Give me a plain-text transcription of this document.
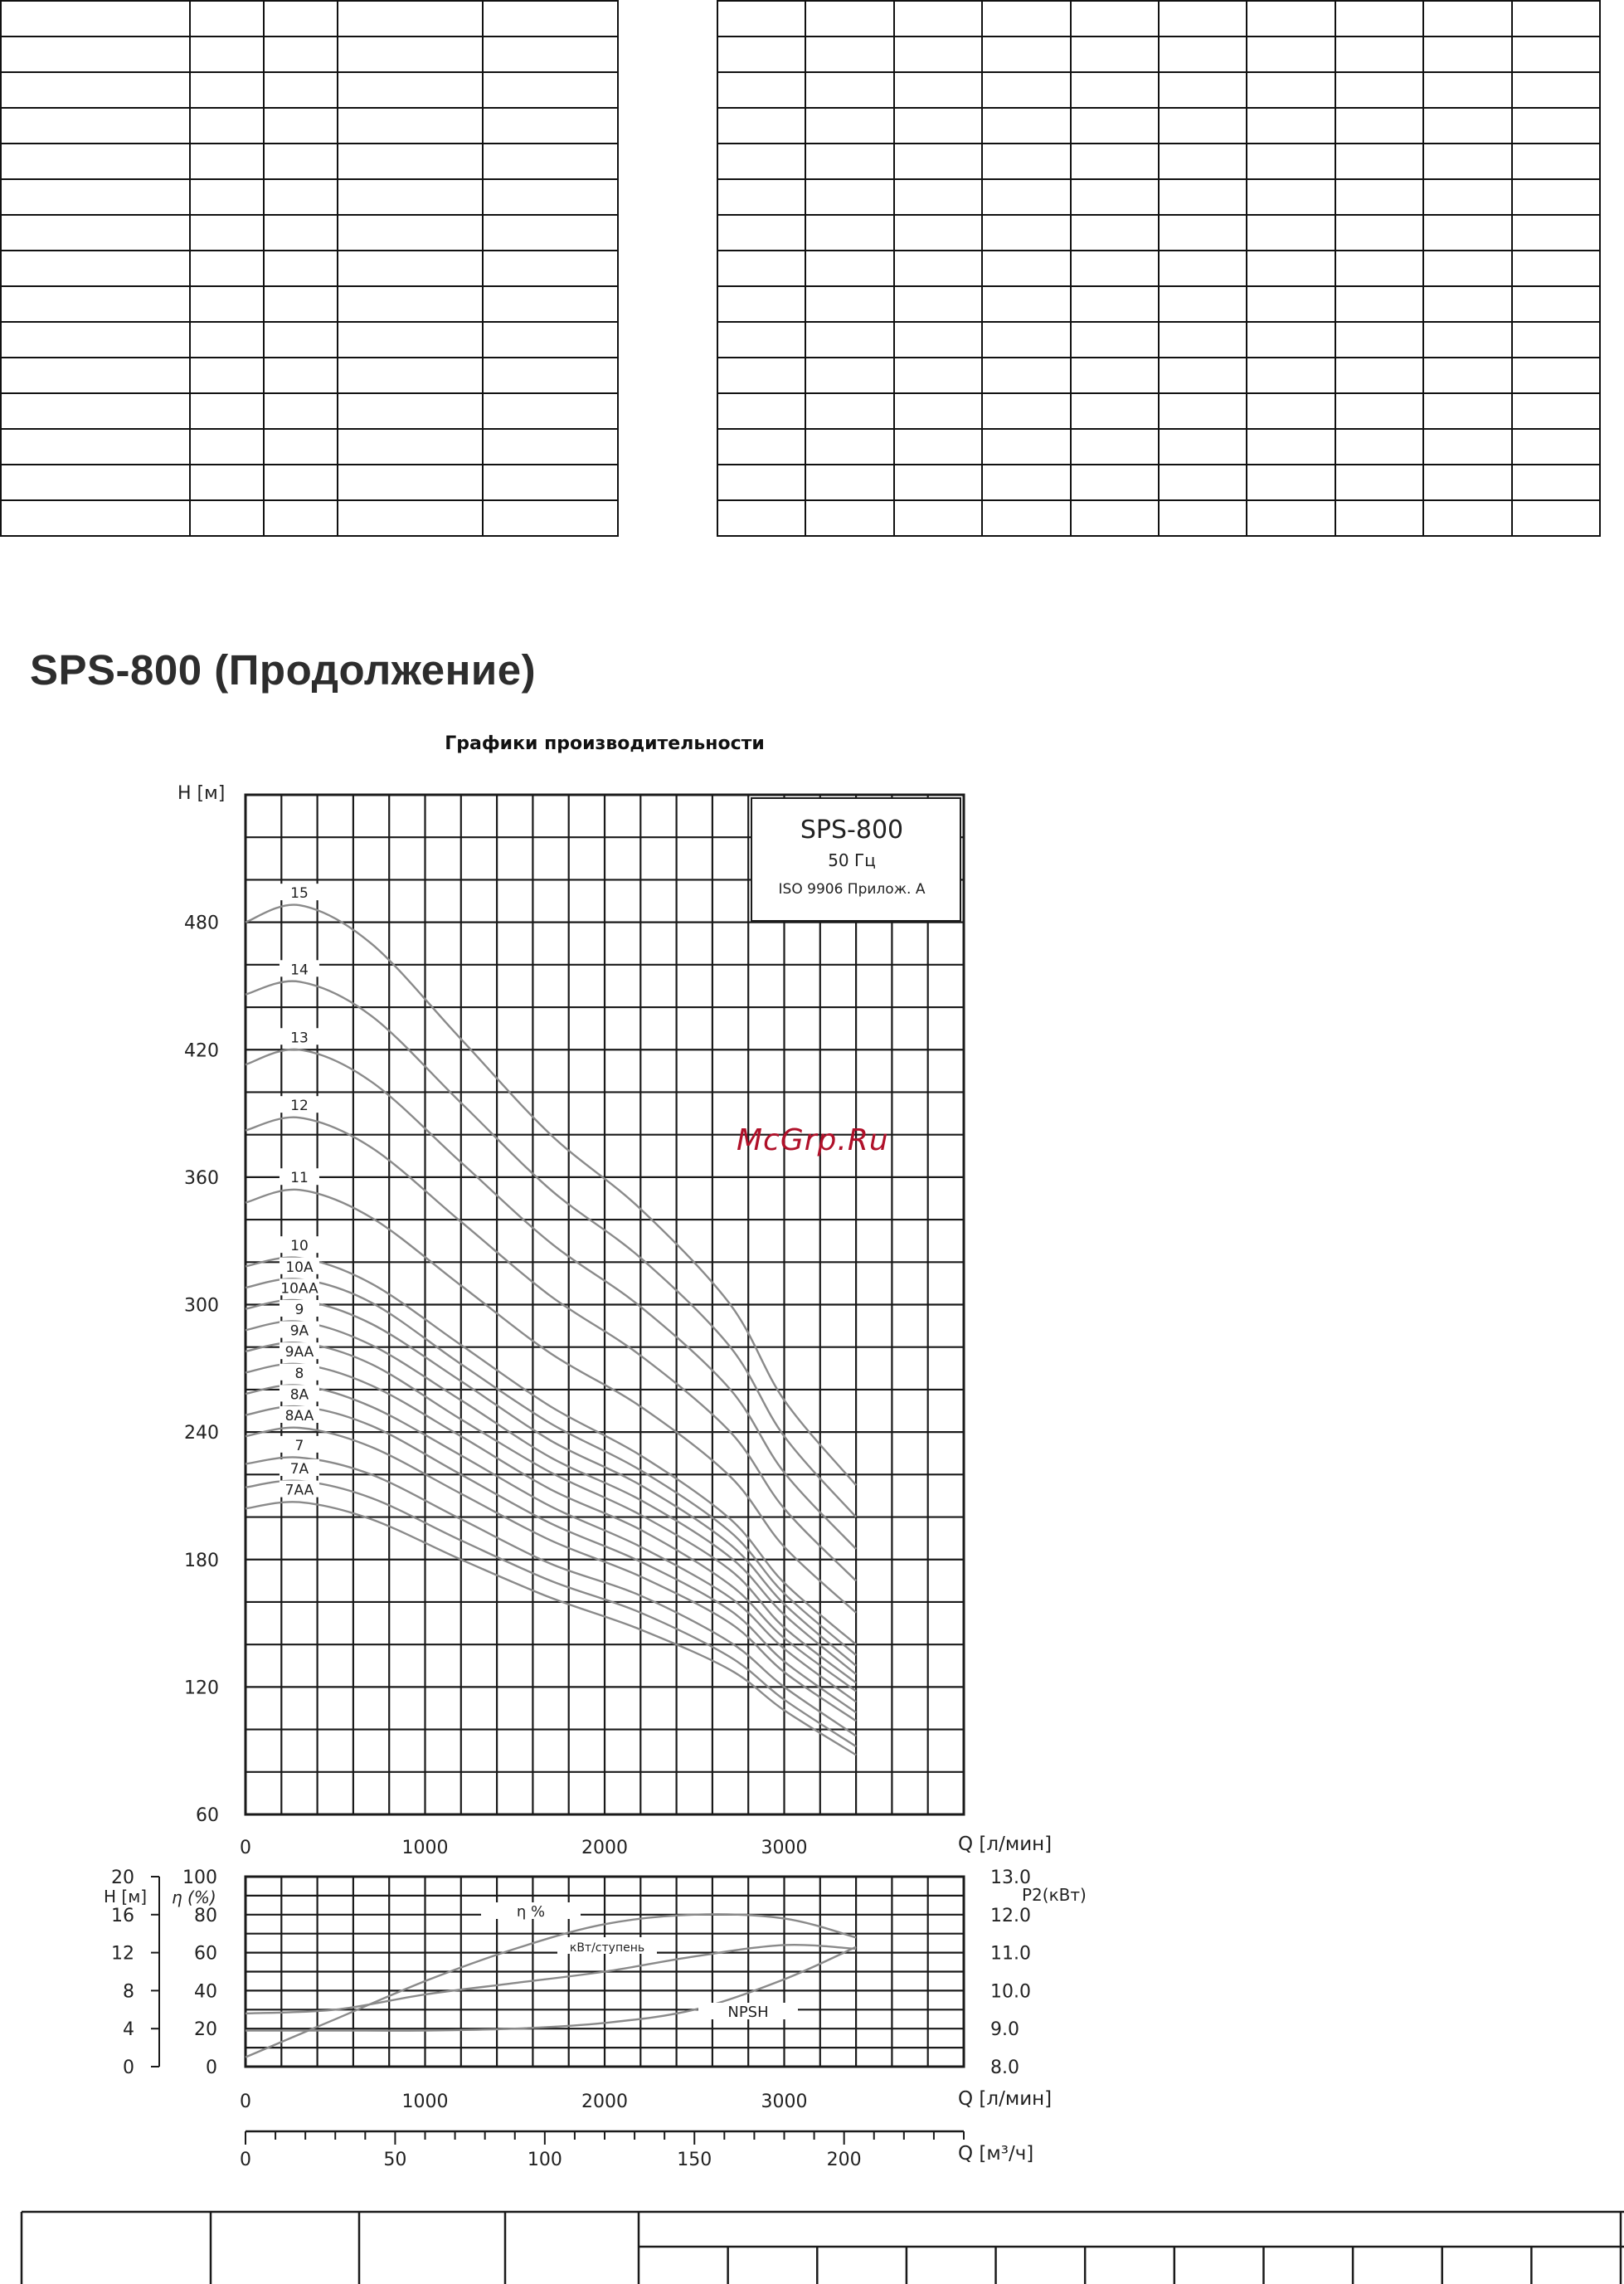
SPS-800 (Продолжение)
Графики производительности
SPS-800
50 Гц
ISO 9906 Прилож. А
60
120
180
240
300
360
420
480
0	1000	2000	3000
H [м]
Q [л/мин]
15
14
13
12
11
10
10A
10AA
9
9A
9AA
8
8A
8AA
7
7A
7AA
0
20
40
60
80
100
0
4
8
12
16
20
H [м] η (%)
8.0
9.0
10.0
11.0
12.0
13.0
P2(кВт)
0	1000	2000	3000	Q [л/мин]
0	50	100	150	200	Q [м³/ч]
η %
кВт/ступень
NPSH
McGrp.Ru
